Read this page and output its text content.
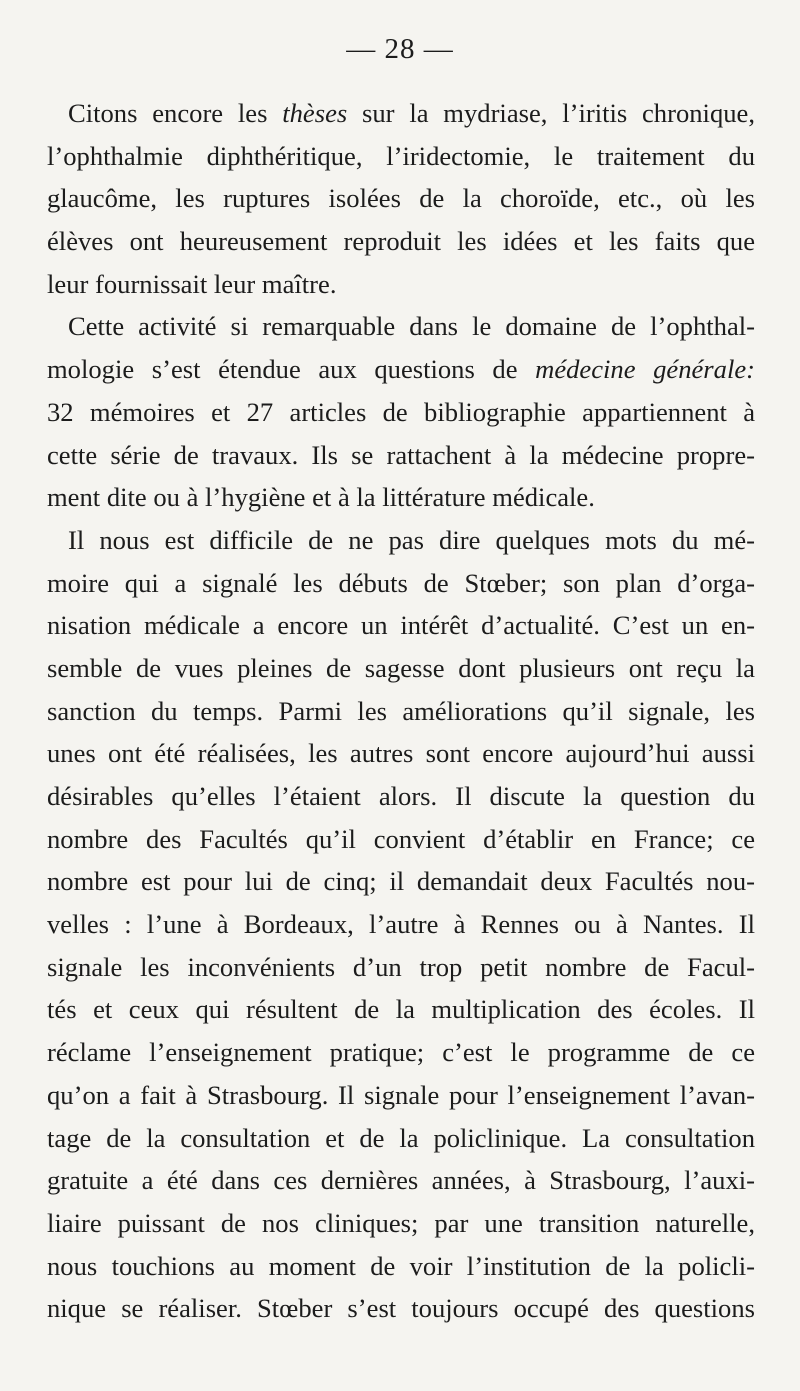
— 28 —
Citons encore les thèses sur la mydriase, l’iritis chronique,
l’ophthalmie diphthéritique, l’iridectomie, le traitement du
glaucôme, les ruptures isolées de la choroïde, etc., où les
élèves ont heureusement reproduit les idées et les faits que
leur fournissait leur maître.
Cette activité si remarquable dans le domaine de l’ophthal-
mologie s’est étendue aux questions de médecine générale:
32 mémoires et 27 articles de bibliographie appartiennent à
cette série de travaux. Ils se rattachent à la médecine propre-
ment dite ou à l’hygiène et à la littérature médicale.
Il nous est difficile de ne pas dire quelques mots du mé-
moire qui a signalé les débuts de Stœber; son plan d’orga-
nisation médicale a encore un intérêt d’actualité. C’est un en-
semble de vues pleines de sagesse dont plusieurs ont reçu la
sanction du temps. Parmi les améliorations qu’il signale, les
unes ont été réalisées, les autres sont encore aujourd’hui aussi
désirables qu’elles l’étaient alors. Il discute la question du
nombre des Facultés qu’il convient d’établir en France; ce
nombre est pour lui de cinq; il demandait deux Facultés nou-
velles : l’une à Bordeaux, l’autre à Rennes ou à Nantes. Il
signale les inconvénients d’un trop petit nombre de Facul-
tés et ceux qui résultent de la multiplication des écoles. Il
réclame l’enseignement pratique; c’est le programme de ce
qu’on a fait à Strasbourg. Il signale pour l’enseignement l’avan-
tage de la consultation et de la policlinique. La consultation
gratuite a été dans ces dernières années, à Strasbourg, l’auxi-
liaire puissant de nos cliniques; par une transition naturelle,
nous touchions au moment de voir l’institution de la policli-
nique se réaliser. Stœber s’est toujours occupé des questions
